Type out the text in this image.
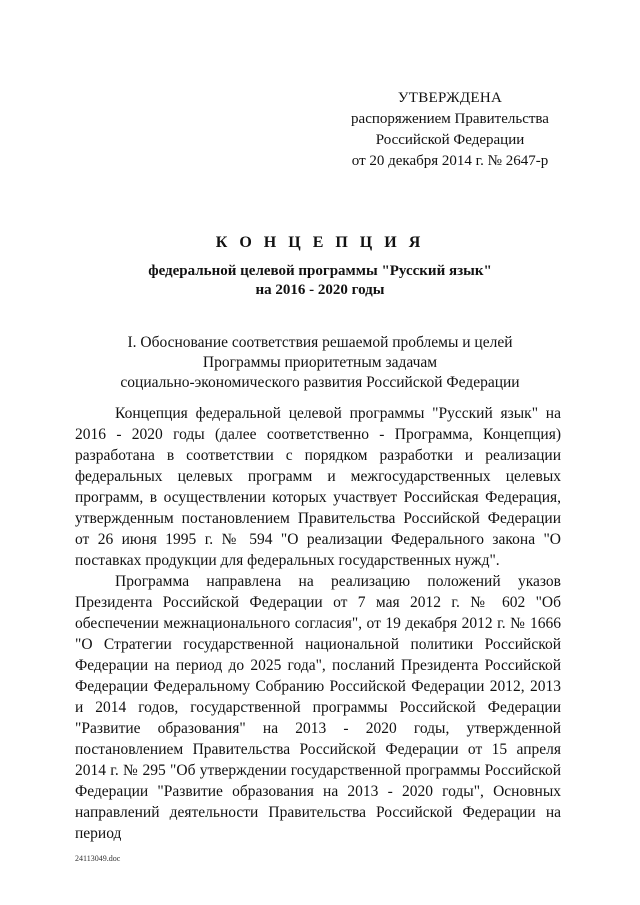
УТВЕРЖДЕНА
распоряжением Правительства
Российской Федерации
от 20 декабря 2014 г. № 2647-р
К О Н Ц Е П Ц И Я
федеральной целевой программы "Русский язык"
на 2016 - 2020 годы
I. Обоснование соответствия решаемой проблемы и целей
Программы приоритетным задачам
социально-экономического развития Российской Федерации

Концепция федеральной целевой программы "Русский язык" на 2016 - 2020 годы (далее соответственно - Программа, Концепция) разработана в соответствии с порядком разработки и реализации федеральных целевых программ и межгосударственных целевых программ, в осуществлении которых участвует Российская Федерация, утвержденным постановлением Правительства Российской Федерации от 26 июня 1995 г. № 594 "О реализации Федерального закона "О поставках продукции для федеральных государственных нужд".

Программа направлена на реализацию положений указов Президента Российской Федерации от 7 мая 2012 г. № 602 "Об обеспечении межнационального согласия", от 19 декабря 2012 г. № 1666 "О Стратегии государственной национальной политики Российской Федерации на период до 2025 года", посланий Президента Российской Федерации Федеральному Собранию Российской Федерации 2012, 2013 и 2014 годов, государственной программы Российской Федерации "Развитие образования" на 2013 - 2020 годы, утвержденной постановлением Правительства Российской Федерации от 15 апреля 2014 г. № 295 "Об утверждении государственной программы Российской Федерации "Развитие образования на 2013 - 2020 годы", Основных направлений деятельности Правительства Российской Федерации на период

24113049.doc
